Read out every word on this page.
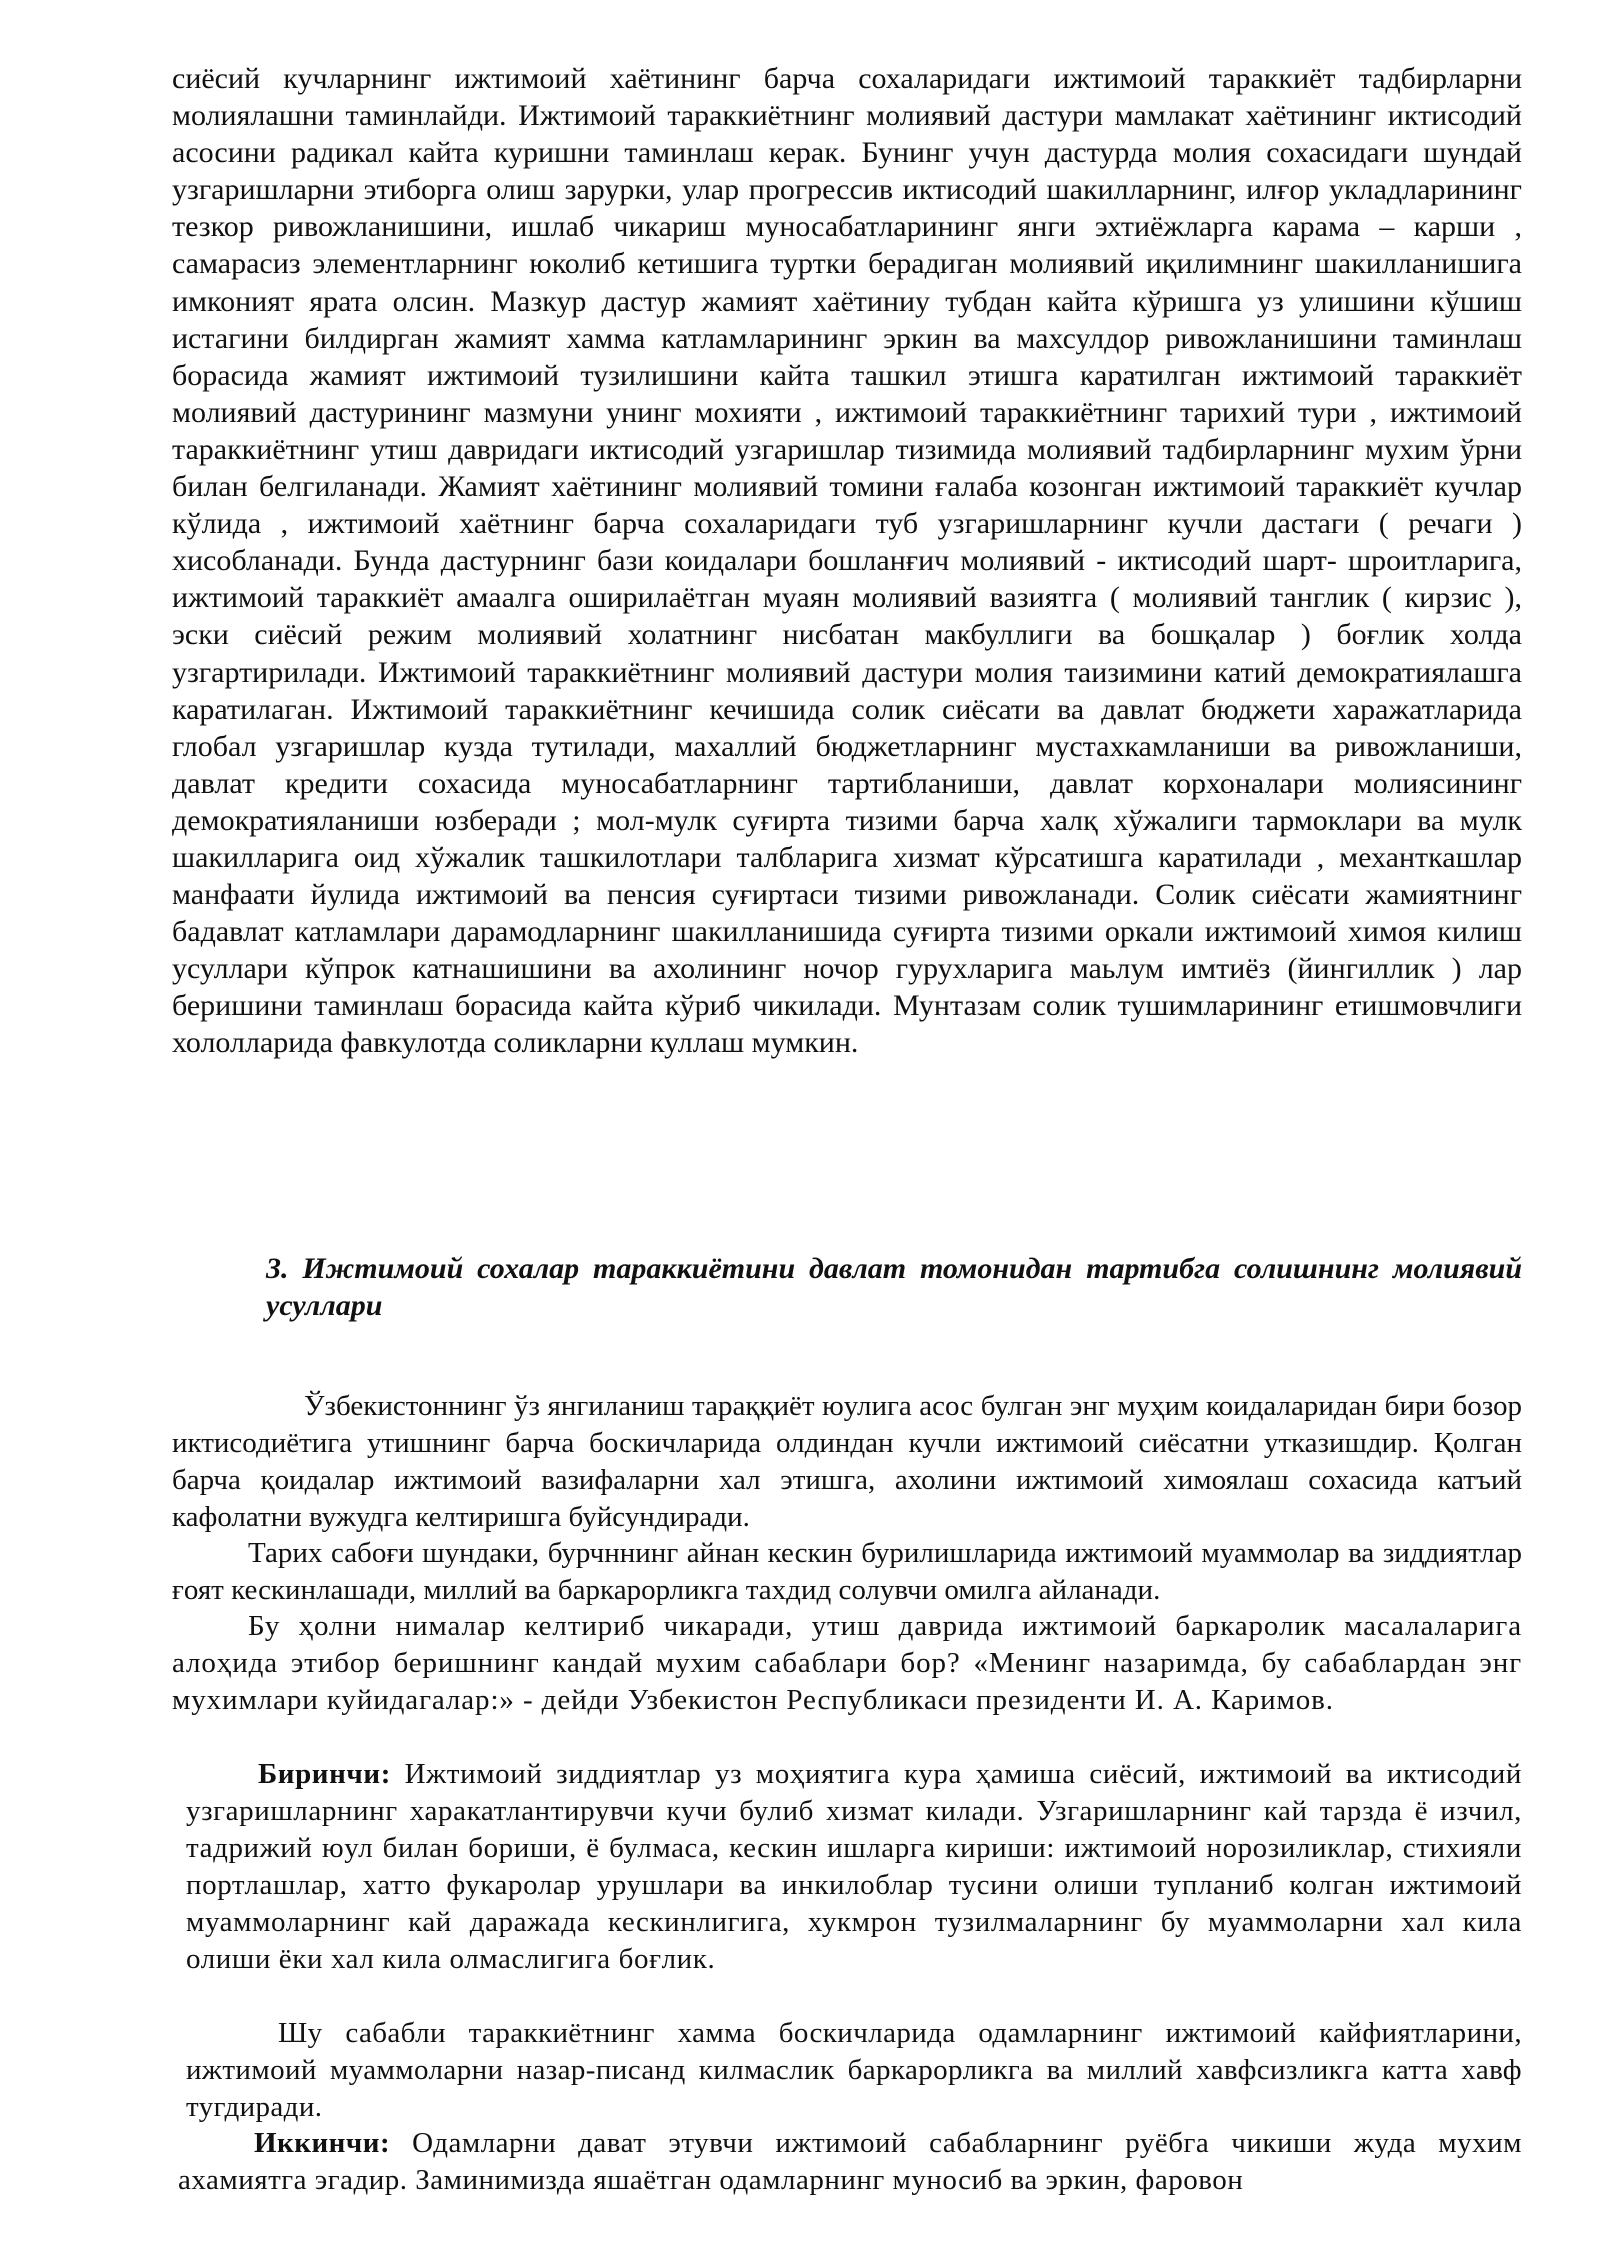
сиёсий кучларнинг ижтимоий хаётининг барча сохаларидаги ижтимоий тараккиёт тадбирларни молиялашни таминлайди. Ижтимоий тараккиётнинг молиявий дастури мамлакат хаётининг иктисодий асосини радикал кайта куришни таминлаш керак. Бунинг учун дастурда молия сохасидаги шундай узгаришларни этиборга олиш зарурки, улар прогрессив иктисодий шакилларнинг, илғор укладларининг тезкор ривожланишини, ишлаб чикариш муносабатларининг янги эхтиёжларга карама – карши , самарасиз элементларнинг юколиб кетишига туртки берадиган молиявий иқилимнинг шакилланишига имконият ярата олсин. Мазкур дастур жамият хаётиниу тубдан кайта кўришга уз улишини кўшиш истагини билдирган жамият хамма катламларининг эркин ва махсулдор ривожланишини таминлаш борасида жамият ижтимоий тузилишини кайта ташкил этишга каратилган ижтимоий тараккиёт молиявий дастурининг мазмуни унинг мохияти , ижтимоий тараккиётнинг тарихий тури , ижтимоий тараккиётнинг утиш давридаги иктисодий узгаришлар тизимида молиявий тадбирларнинг мухим ўрни билан белгиланади. Жамият хаётининг молиявий томини ғалаба козонган ижтимоий тараккиёт кучлар кўлида , ижтимоий хаётнинг барча сохаларидаги туб узгаришларнинг кучли дастаги ( речаги ) хисобланади. Бунда дастурнинг бази коидалари бошланғич молиявий - иктисодий шарт- шроитларига, ижтимоий тараккиёт амаалга оширилаётган муаян молиявий вазиятга ( молиявий танглик ( кирзис ), эски сиёсий режим молиявий холатнинг нисбатан макбуллиги ва бошқалар ) боғлик холда узгартирилади. Ижтимоий тараккиётнинг молиявий дастури молия таизимини катий демократиялашга каратилаган. Ижтимоий тараккиётнинг кечишида солик сиёсати ва давлат бюджети харажатларида глобал узгаришлар кузда тутилади, махаллий бюджетларнинг мустахкамланиши ва ривожланиши, давлат кредити сохасида муносабатларнинг тартибланиши, давлат корхоналари молиясининг демократияланиши юзберади ; мол-мулк суғирта тизими барча халқ хўжалиги тармоклари ва мулк шакилларига оид хўжалик ташкилотлари талбларига хизмат кўрсатишга каратилади , механткашлар манфаати йулида ижтимоий ва пенсия суғиртаси тизими ривожланади. Солик сиёсати жамиятнинг бадавлат катламлари дарамодларнинг шакилланишида суғирта тизими оркали ижтимоий химоя килиш усуллари кўпрок катнашишини ва ахолининг ночор гурухларига маьлум имтиёз (йингиллик ) лар беришини таминлаш борасида кайта кўриб чикилади. Мунтазам солик тушимларининг етишмовчлиги хололларида фавкулотда соликларни куллаш мумкин.
3. Ижтимоий сохалар тараккиётини давлат томонидан тартибга солишнинг молиявий усуллари
Ўзбекистоннинг ўз янгиланиш тараққиёт юулига асос булган энг муҳим коидаларидан бири бозор иктисодиётига утишнинг барча боскичларида олдиндан кучли ижтимоий сиёсатни утказишдир. Қолган барча қоидалар ижтимоий вазифаларни хал этишга, ахолини ижтимоий химоялаш сохасида катъий кафолатни вужудга келтиришга буйсундиради.
Тарих сабоғи шундаки, бурчннинг айнан кескин бурилишларида ижтимоий муаммолар ва зиддиятлар ғоят кескинлашади, миллий ва баркарорликга тахдид солувчи омилга айланади.
Бу ҳолни нималар келтириб чикаради, утиш даврида ижтимоий баркаролик масалаларига алоҳида этибор беришнинг кандай мухим сабаблари бор? «Менинг назаримда, бу сабаблардан энг мухимлари куйидагалар:» - дейди Узбекистон Республикаси президенти И. А. Каримов.
Биринчи: Ижтимоий зиддиятлар уз моҳиятига кура ҳамиша сиёсий, ижтимоий ва иктисодий узгаришларнинг харакатлантирувчи кучи булиб хизмат килади. Узгаришларнинг кай тарзда ё изчил, тадрижий юул билан бориши, ё булмаса, кескин ишларга кириши: ижтимоий норозиликлар, стихияли портлашлар, хатто фукаролар урушлари ва инкилоблар тусини олиши тупланиб колган ижтимоий муаммоларнинг кай даражада кескинлигига, хукмрон тузилмаларнинг бу муаммоларни хал кила олиши ёки хал кила олмаслигига боғлик.
Шу сабабли тараккиётнинг хамма боскичларида одамларнинг ижтимоий кайфиятларини, ижтимоий муаммоларни назар-писанд килмаслик баркарорликга ва миллий хавфсизликга катта хавф тугдиради.
Иккинчи: Одамларни дават этувчи ижтимоий сабабларнинг руёбга чикиши жуда мухим ахамиятга эгадир. Заминимизда яшаётган одамларнинг муносиб ва эркин, фаровон
